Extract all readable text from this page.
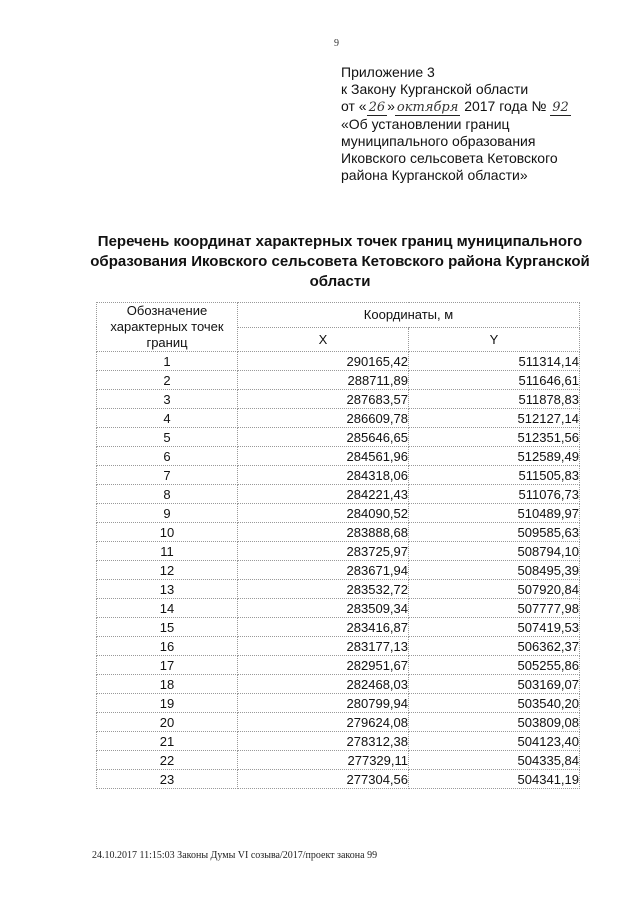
9
Приложение 3
к Закону Курганской области
от « 26 » октября 2017 года № 92
«Об установлении границ
муниципального образования
Иковского сельсовета Кетовского
района Курганской области»
Перечень координат характерных точек границ муниципального образования Иковского сельсовета Кетовского района Курганской области
Обозначение характерных точек границ	Координаты, м	
	X	Y
1	290165,42	511314,14
2	288711,89	511646,61
3	287683,57	511878,83
4	286609,78	512127,14
5	285646,65	512351,56
6	284561,96	512589,49
7	284318,06	511505,83
8	284221,43	511076,73
9	284090,52	510489,97
10	283888,68	509585,63
11	283725,97	508794,10
12	283671,94	508495,39
13	283532,72	507920,84
14	283509,34	507777,98
15	283416,87	507419,53
16	283177,13	506362,37
17	282951,67	505255,86
18	282468,03	503169,07
19	280799,94	503540,20
20	279624,08	503809,08
21	278312,38	504123,40
22	277329,11	504335,84
23	277304,56	504341,19
24.10.2017 11:15:03 Законы Думы VI созыва/2017/проект закона 99
